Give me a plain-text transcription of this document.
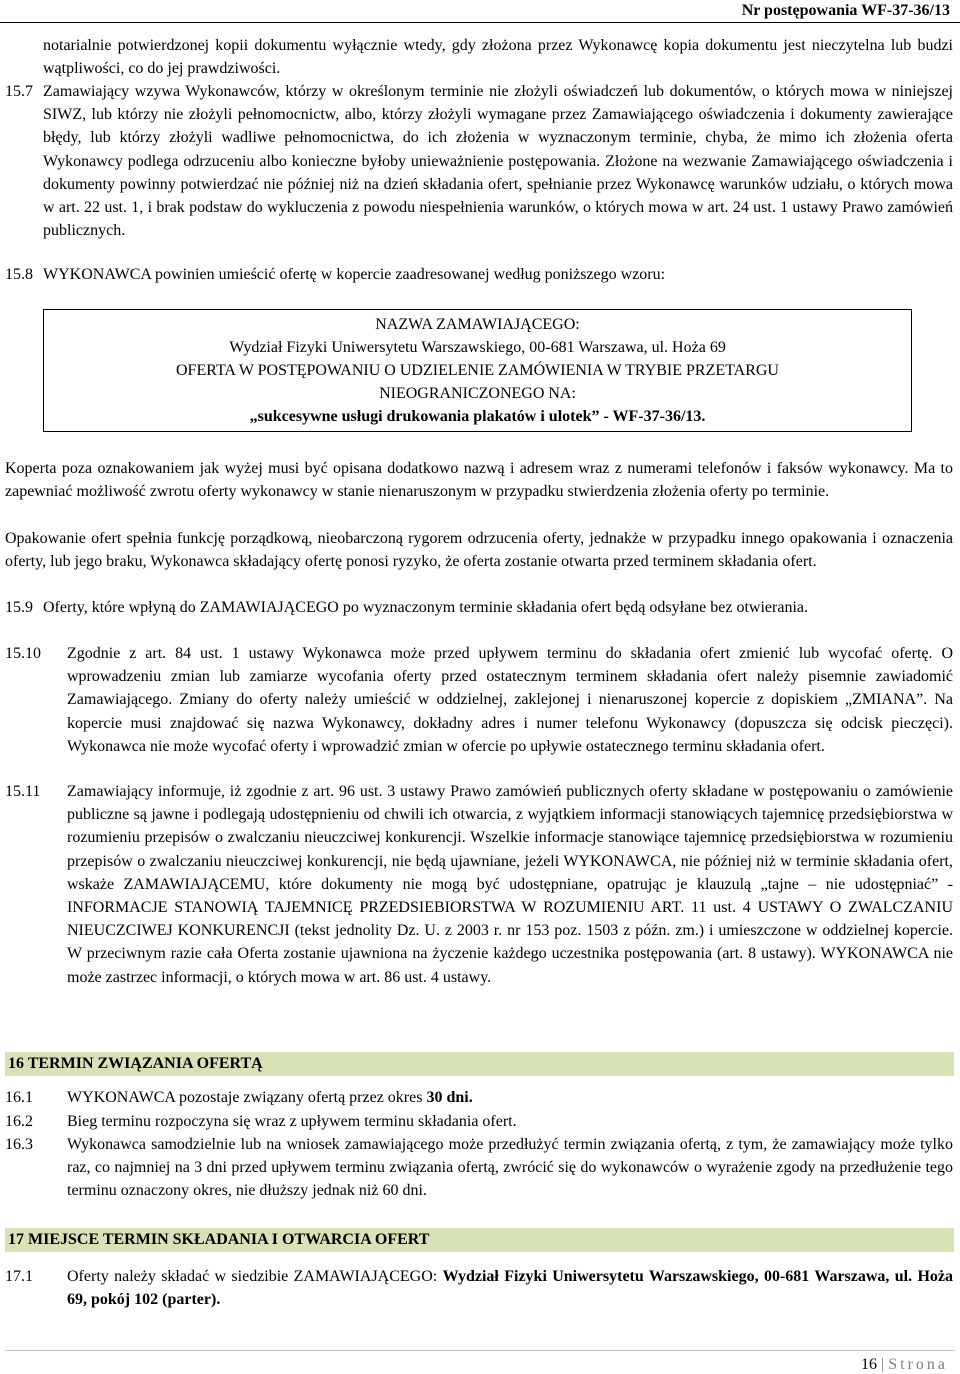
Nr postępowania WF-37-36/13

notarialnie potwierdzonej kopii dokumentu wyłącznie wtedy, gdy złożona przez Wykonawcę kopia dokumentu jest nieczytelna lub budzi wątpliwości, co do jej prawdziwości.

15.7 Zamawiający wzywa Wykonawców, którzy w określonym terminie nie złożyli oświadczeń lub dokumentów, o których mowa w niniejszej SIWZ, lub którzy nie złożyli pełnomocnictw, albo, którzy złożyli wymagane przez Zamawiającego oświadczenia i dokumenty zawierające błędy, lub którzy złożyli wadliwe pełnomocnictwa, do ich złożenia w wyznaczonym terminie, chyba, że mimo ich złożenia oferta Wykonawcy podlega odrzuceniu albo konieczne byłoby unieważnienie postępowania. Złożone na wezwanie Zamawiającego oświadczenia i dokumenty powinny potwierdzać nie później niż na dzień składania ofert, spełnianie przez Wykonawcę warunków udziału, o których mowa w art. 22 ust. 1, i brak podstaw do wykluczenia z powodu niespełnienia warunków, o których mowa w art. 24 ust. 1 ustawy Prawo zamówień publicznych.

15.8 WYKONAWCA powinien umieścić ofertę w kopercie zaadresowanej według poniższego wzoru:

NAZWA ZAMAWIAJĄCEGO:
Wydział Fizyki Uniwersytetu Warszawskiego, 00-681 Warszawa, ul. Hoża 69
OFERTA W POSTĘPOWANIU O UDZIELENIE ZAMÓWIENIA W TRYBIE PRZETARGU
NIEOGRANICZONEGO NA:
„sukcesywne usługi drukowania plakatów i ulotek” - WF-37-36/13.

Koperta poza oznakowaniem jak wyżej musi być opisana dodatkowo nazwą i adresem wraz z numerami telefonów i faksów wykonawcy. Ma to zapewniać możliwość zwrotu oferty wykonawcy w stanie nienaruszonym w przypadku stwierdzenia złożenia oferty po terminie.

Opakowanie ofert spełnia funkcję porządkową, nieobarczoną rygorem odrzucenia oferty, jednakże w przypadku innego opakowania i oznaczenia oferty, lub jego braku, Wykonawca składający ofertę ponosi ryzyko, że oferta zostanie otwarta przed terminem składania ofert.

15.9 Oferty, które wpłyną do ZAMAWIAJĄCEGO po wyznaczonym terminie składania ofert będą odsyłane bez otwierania.

15.10 Zgodnie z art. 84 ust. 1 ustawy Wykonawca może przed upływem terminu do składania ofert zmienić lub wycofać ofertę. O wprowadzeniu zmian lub zamiarze wycofania oferty przed ostatecznym terminem składania ofert należy pisemnie zawiadomić Zamawiającego. Zmiany do oferty należy umieścić w oddzielnej, zaklejonej i nienaruszonej kopercie z dopiskiem „ZMIANA”. Na kopercie musi znajdować się nazwa Wykonawcy, dokładny adres i numer telefonu Wykonawcy (dopuszcza się odcisk pieczęci). Wykonawca nie może wycofać oferty i wprowadzić zmian w ofercie po upływie ostatecznego terminu składania ofert.

15.11 Zamawiający informuje, iż zgodnie z art. 96 ust. 3 ustawy Prawo zamówień publicznych oferty składane w postępowaniu o zamówienie publiczne są jawne i podlegają udostępnieniu od chwili ich otwarcia, z wyjątkiem informacji stanowiących tajemnicę przedsiębiorstwa w rozumieniu przepisów o zwalczaniu nieuczciwej konkurencji. Wszelkie informacje stanowiące tajemnicę przedsiębiorstwa w rozumieniu przepisów o zwalczaniu nieuczciwej konkurencji, nie będą ujawniane, jeżeli WYKONAWCA, nie później niż w terminie składania ofert, wskaże ZAMAWIAJĄCEMU, które dokumenty nie mogą być udostępniane, opatrując je klauzulą „tajne – nie udostępniać” - INFORMACJE STANOWIĄ TAJEMNICĘ PRZEDSIEBIORSTWA W ROZUMIENIU ART. 11 ust. 4 USTAWY O ZWALCZANIU NIEUCZCIWEJ KONKURENCJI (tekst jednolity Dz. U. z 2003 r. nr 153 poz. 1503 z późn. zm.) i umieszczone w oddzielnej kopercie. W przeciwnym razie cała Oferta zostanie ujawniona na życzenie każdego uczestnika postępowania (art. 8 ustawy). WYKONAWCA nie może zastrzec informacji, o których mowa w art. 86 ust. 4 ustawy.

16 TERMIN ZWIĄZANIA OFERTĄ
16.1 WYKONAWCA pozostaje związany ofertą przez okres 30 dni.

16.2 Bieg terminu rozpoczyna się wraz z upływem terminu składania ofert.

16.3 Wykonawca samodzielnie lub na wniosek zamawiającego może przedłużyć termin związania ofertą, z tym, że zamawiający może tylko raz, co najmniej na 3 dni przed upływem terminu związania ofertą, zwrócić się do wykonawców o wyrażenie zgody na przedłużenie tego terminu oznaczony okres, nie dłuższy jednak niż 60 dni.

17 MIEJSCE TERMIN SKŁADANIA I OTWARCIA OFERT
17.1 Oferty należy składać w siedzibie ZAMAWIAJĄCEGO: Wydział Fizyki Uniwersytetu Warszawskiego, 00-681 Warszawa, ul. Hoża 69, pokój 102 (parter).

16 | Strona
